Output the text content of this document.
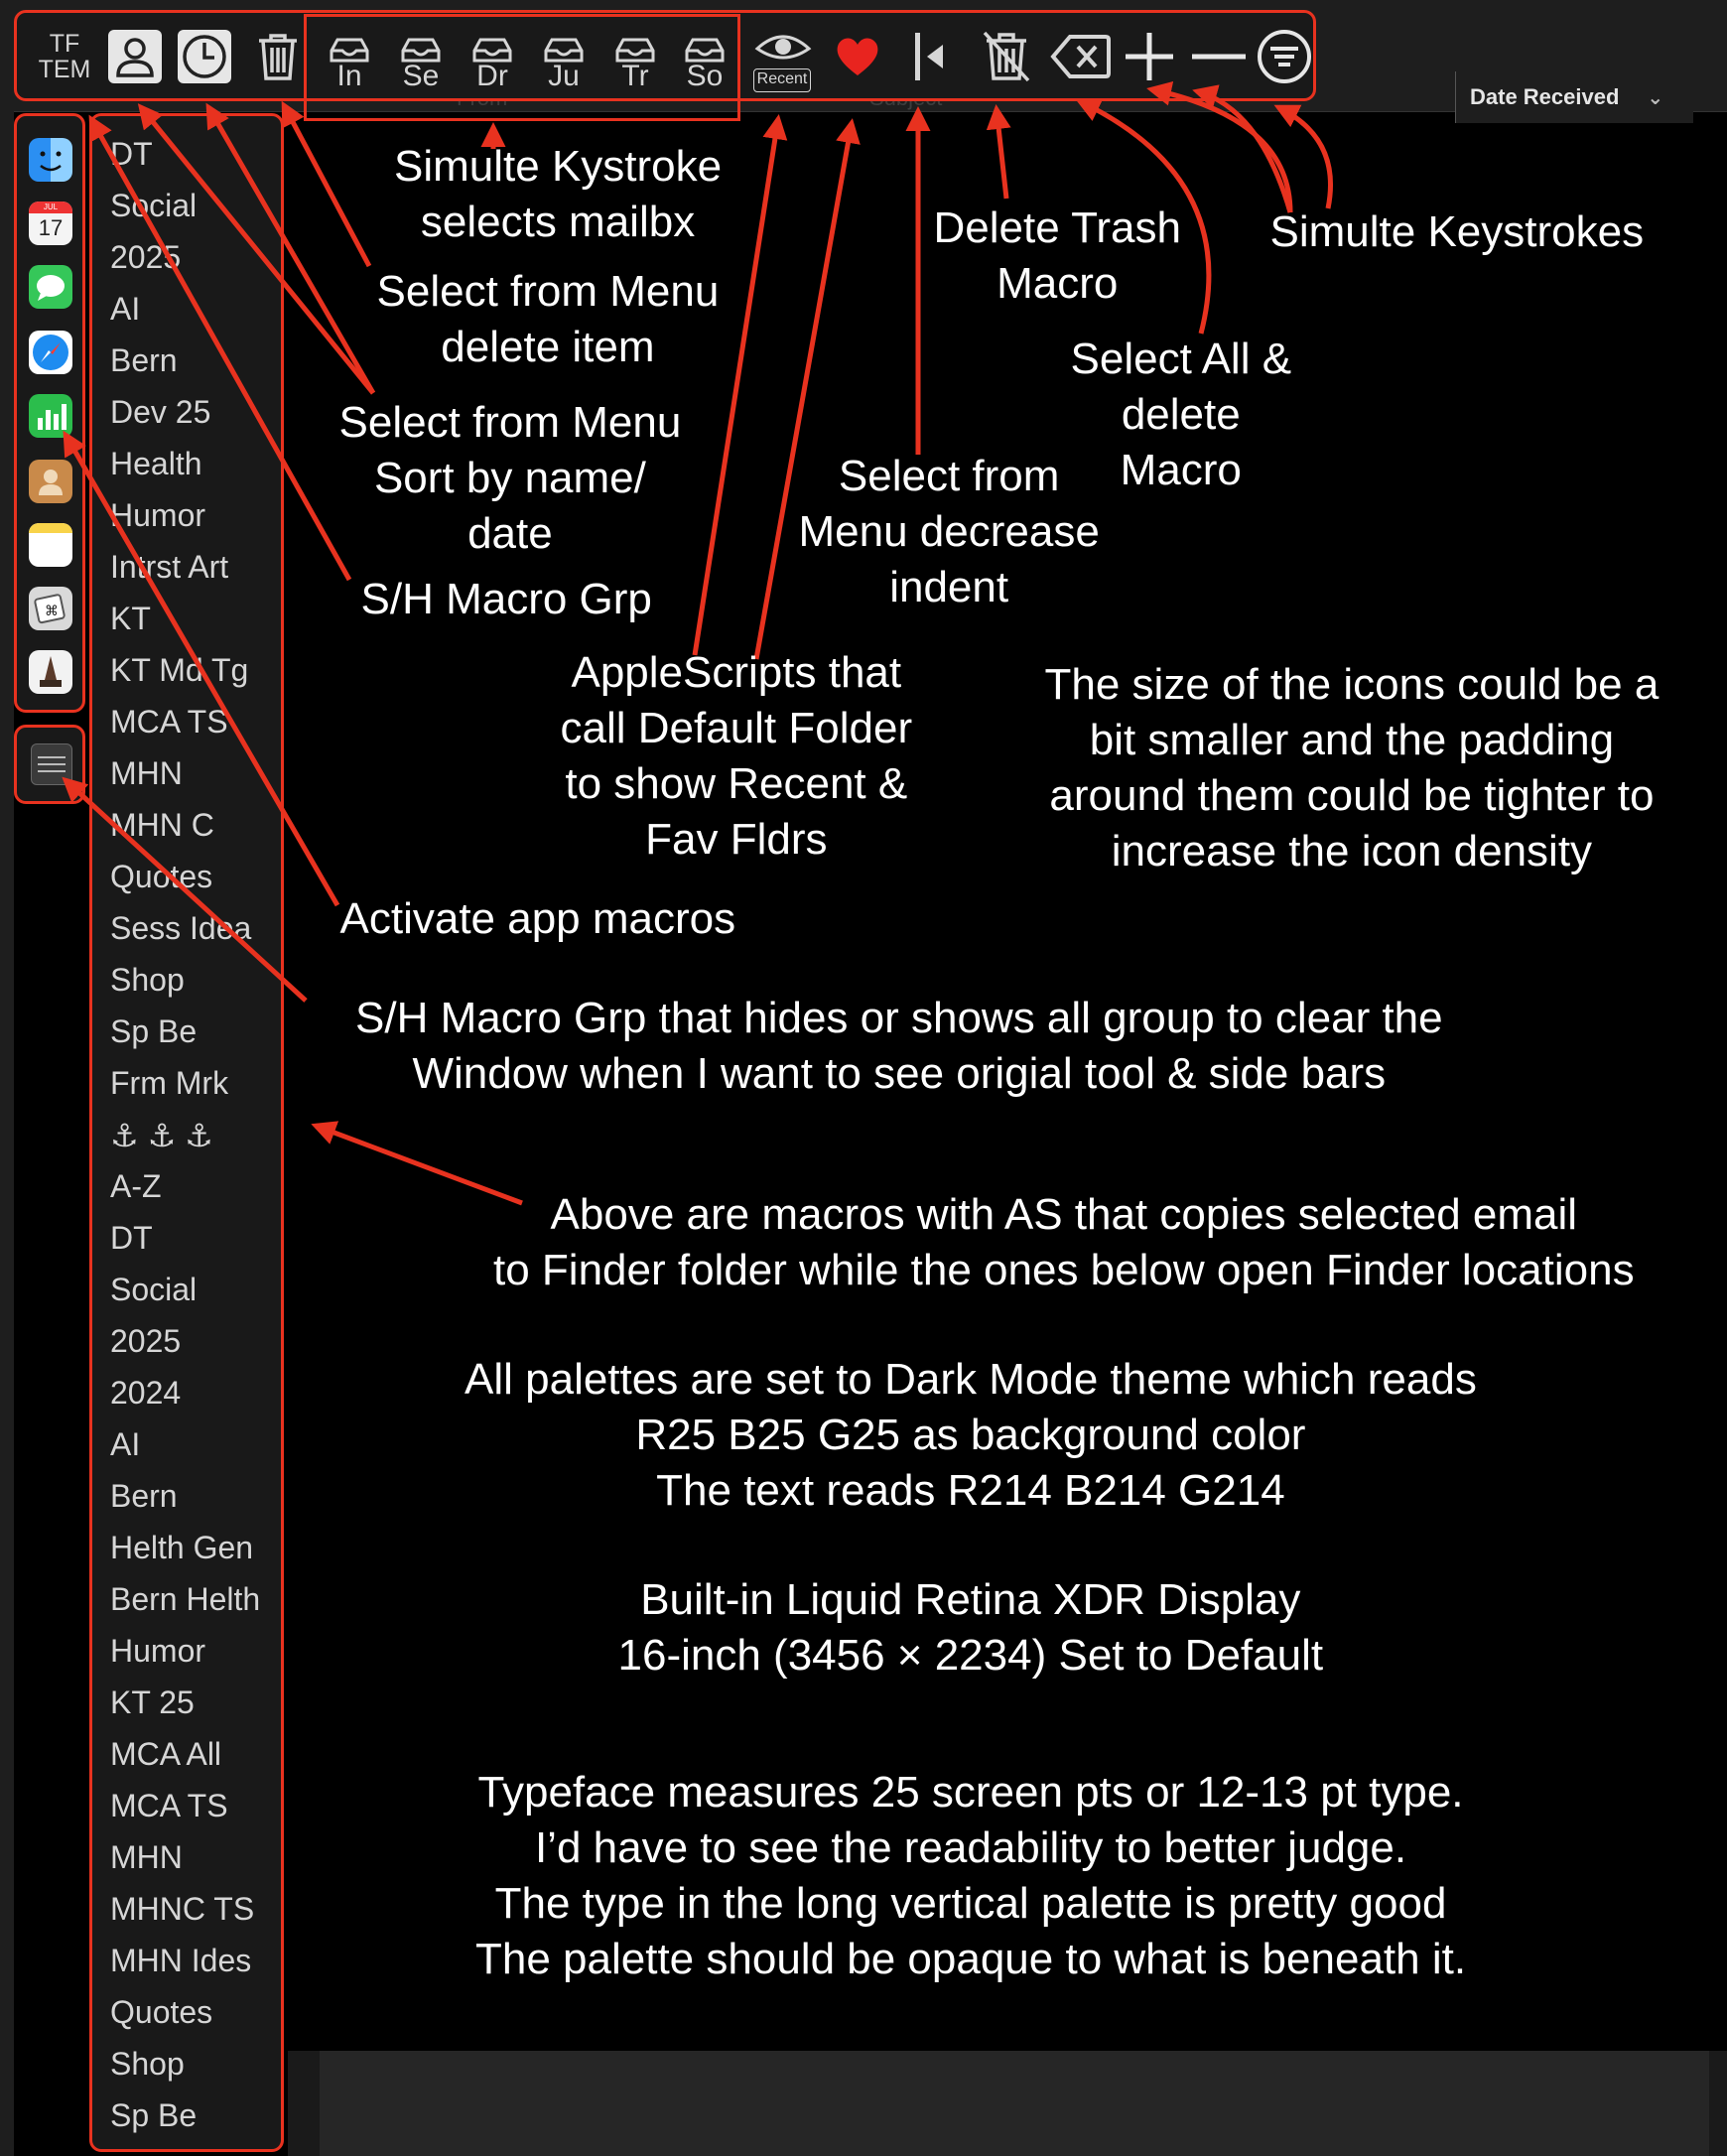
Date Received ⌄
TF
TEM	Recent
In Se Dr Ju Tr So
JUL
17
⌘
DT
Social
2025
AI
Bern
Dev 25
Health
Humor
Intrst Art
KT
KT Md Tg
MCA TS
MHN
MHN C
Quotes
Sess Idea
Shop
Sp Be
Frm Mrk
⚓ ⚓ ⚓
A-Z
DT
Social
2025
2024
AI
Bern
Helth Gen
Bern Helth
Humor
KT 25
MCA All
MCA TS
MHN
MHNC TS
MHN Ides
Quotes
Shop
Sp Be
Simulte Kystroke
selects mailbx
Select from Menu
delete item
Select from Menu
Sort by name/
date
S/H Macro Grp
Delete Trash
Macro
Simulte Keystrokes
Select All &
delete
Macro
Select from
Menu decrease
indent
AppleScripts that
call Default Folder
to show Recent &
Fav Fldrs
The size of the icons could be a
bit smaller and the padding
around them could be tighter to
increase the icon density
Activate app macros
S/H Macro Grp that hides or shows all group to clear the
Window when I want to see origial tool & side bars
Above are macros with AS that copies selected email
to Finder folder while the ones below open Finder locations
All palettes are set to Dark Mode theme which reads
R25 B25 G25 as background color
The text reads R214 B214 G214
Built-in Liquid Retina XDR Display
16-inch (3456 × 2234) Set to Default
Typeface measures 25 screen pts or 12-13 pt type.
I’d have to see the readability to better judge.
The type in the long vertical palette is pretty good
The palette should be opaque to what is beneath it.
